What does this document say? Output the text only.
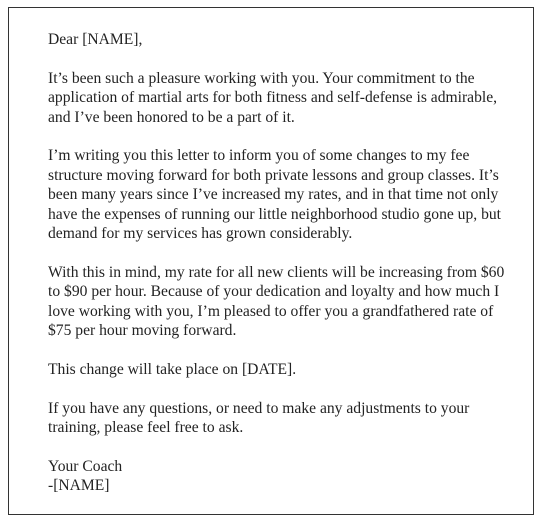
Dear [NAME],

It’s been such a pleasure working with you. Your commitment to the application of martial arts for both fitness and self-defense is admirable, and I’ve been honored to be a part of it.

I’m writing you this letter to inform you of some changes to my fee structure moving forward for both private lessons and group classes. It’s been many years since I’ve increased my rates, and in that time not only have the expenses of running our little neighborhood studio gone up, but demand for my services has grown considerably.

With this in mind, my rate for all new clients will be increasing from $60 to $90 per hour. Because of your dedication and loyalty and how much I love working with you, I’m pleased to offer you a grandfathered rate of $75 per hour moving forward.

This change will take place on [DATE].

If you have any questions, or need to make any adjustments to your training, please feel free to ask.

Your Coach

-[NAME]
